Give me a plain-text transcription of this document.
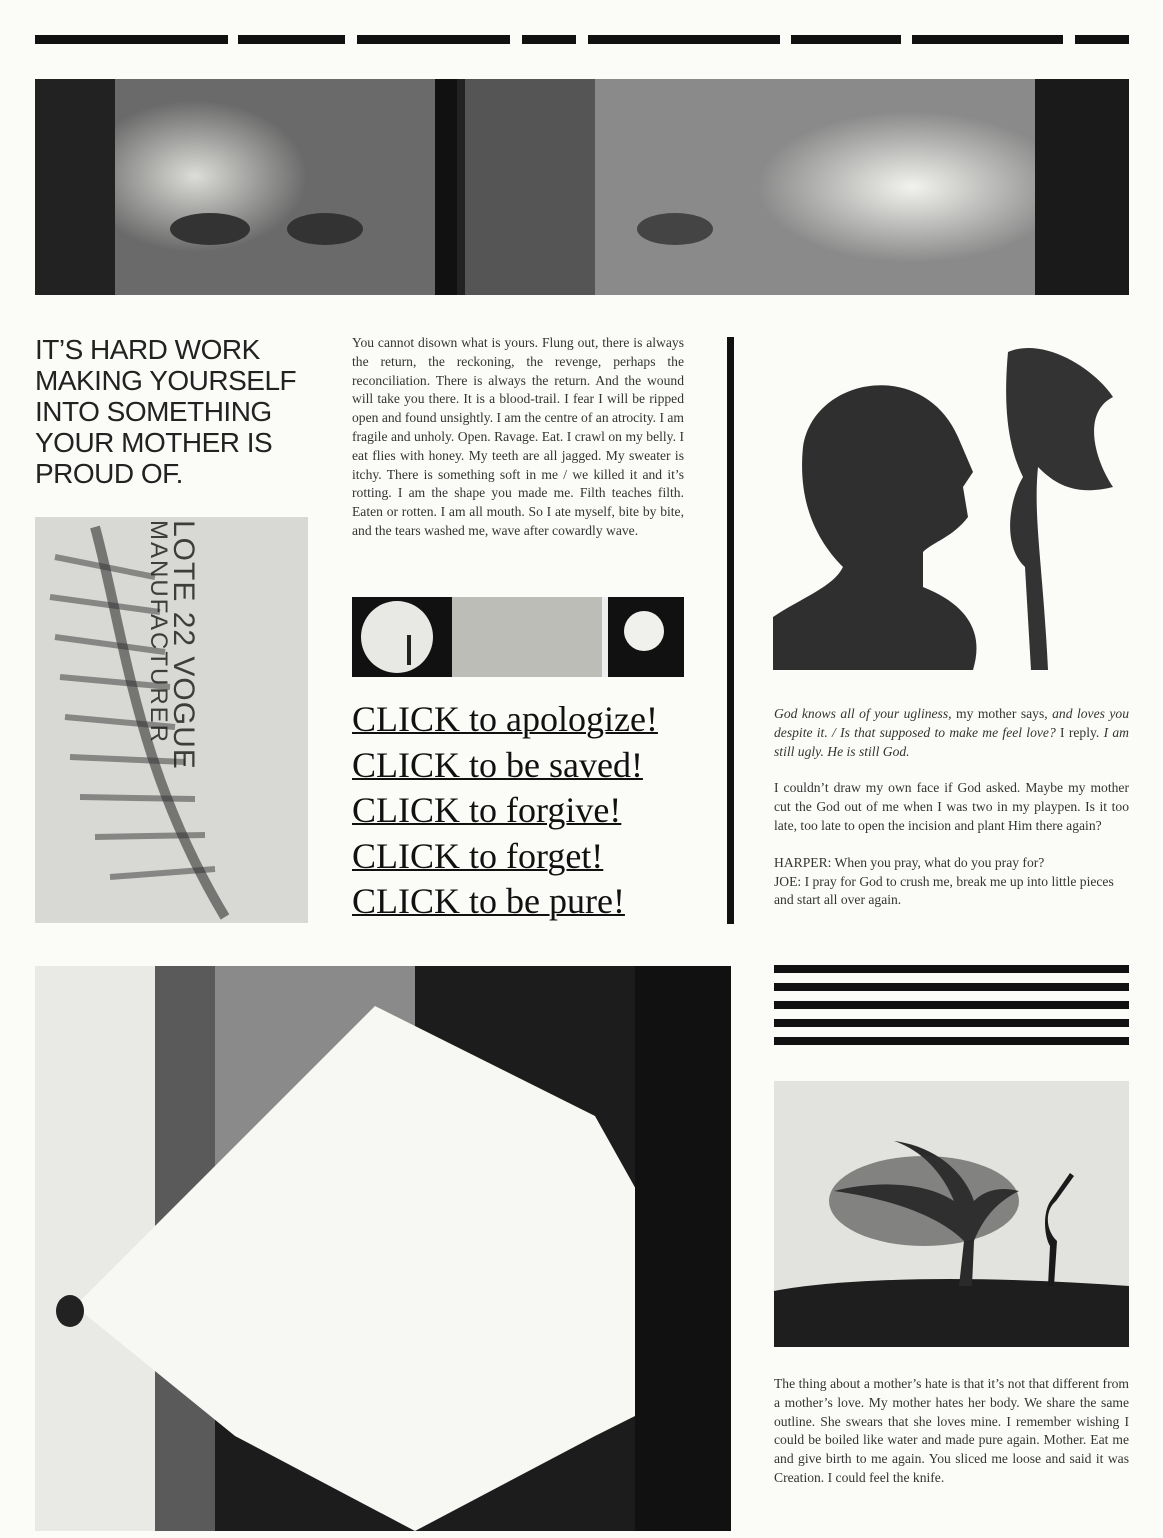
IT’S HARD WORK MAKING YOURSELF INTO SOMETHING YOUR MOTHER IS PROUD OF.
LOTE 22 VOGUE
MANUFACTURER

You cannot disown what is yours. Flung out, there is always the return, the reckoning, the revenge, perhaps the reconciliation. There is always the return. And the wound will take you there. It is a blood-trail. I fear I will be ripped open and found unsightly. I am the centre of an atrocity. I am fragile and unholy. Open. Ravage. Eat. I crawl on my belly. I eat flies with honey. My teeth are all jagged. My sweater is itchy. There is something soft in me / we killed it and it’s rotting. I am the shape you made me. Filth teaches filth. Eaten or rotten. I am all mouth. So I ate myself, bite by bite, and the tears washed me, wave after cowardly wave.

CLICK to apologize!
CLICK to be saved!
CLICK to forgive!
CLICK to forget!
CLICK to be pure!

God knows all of your ugliness, my mother says, and loves you despite it. / Is that supposed to make me feel love? I reply. I am still ugly. He is still God.

I couldn’t draw my own face if God asked. Maybe my mother cut the God out of me when I was two in my playpen. Is it too late, too late to open the incision and plant Him there again?

HARPER: When you pray, what do you pray for?
JOE: I pray for God to crush me, break me up into little pieces and start all over again.

The thing about a mother’s hate is that it’s not that different from a mother’s love. My mother hates her body. We share the same outline. She swears that she loves mine. I remember wishing I could be boiled like water and made pure again. Mother. Eat me and give birth to me again. You sliced me loose and said it was Creation. I could feel the knife.
